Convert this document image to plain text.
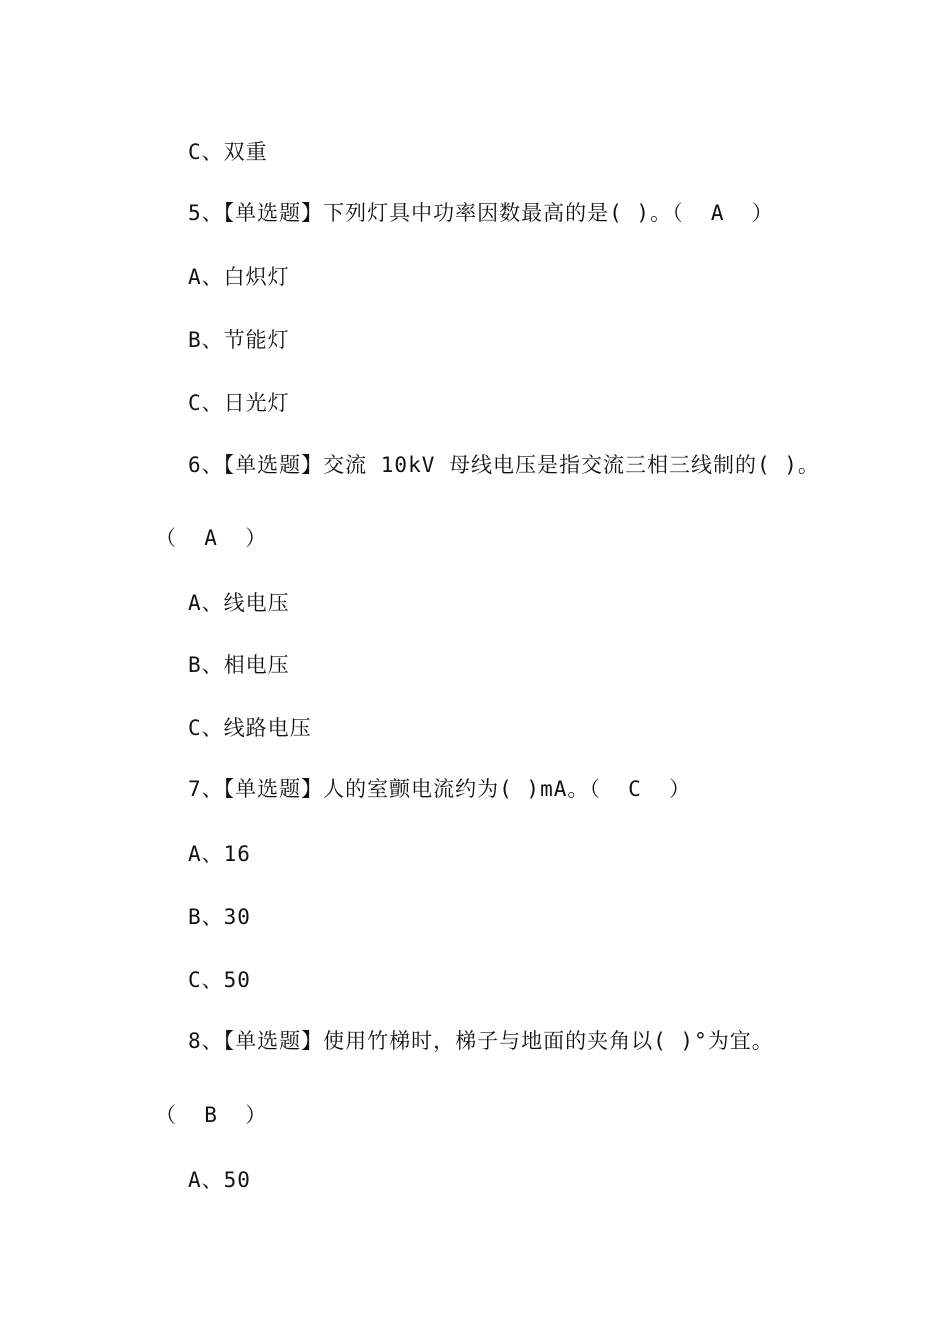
C、双重
5、【单选题】下列灯具中功率因数最高的是( )。（  A  ）
A、白炽灯
B、节能灯
C、日光灯
6、【单选题】交流 10kV 母线电压是指交流三相三线制的( )。
（  A  ）
A、线电压
B、相电压
C、线路电压
7、【单选题】人的室颤电流约为( )mA。（  C  ）
A、16
B、30
C、50
8、【单选题】使用竹梯时，梯子与地面的夹角以( )°为宜。
（  B  ）
A、50
